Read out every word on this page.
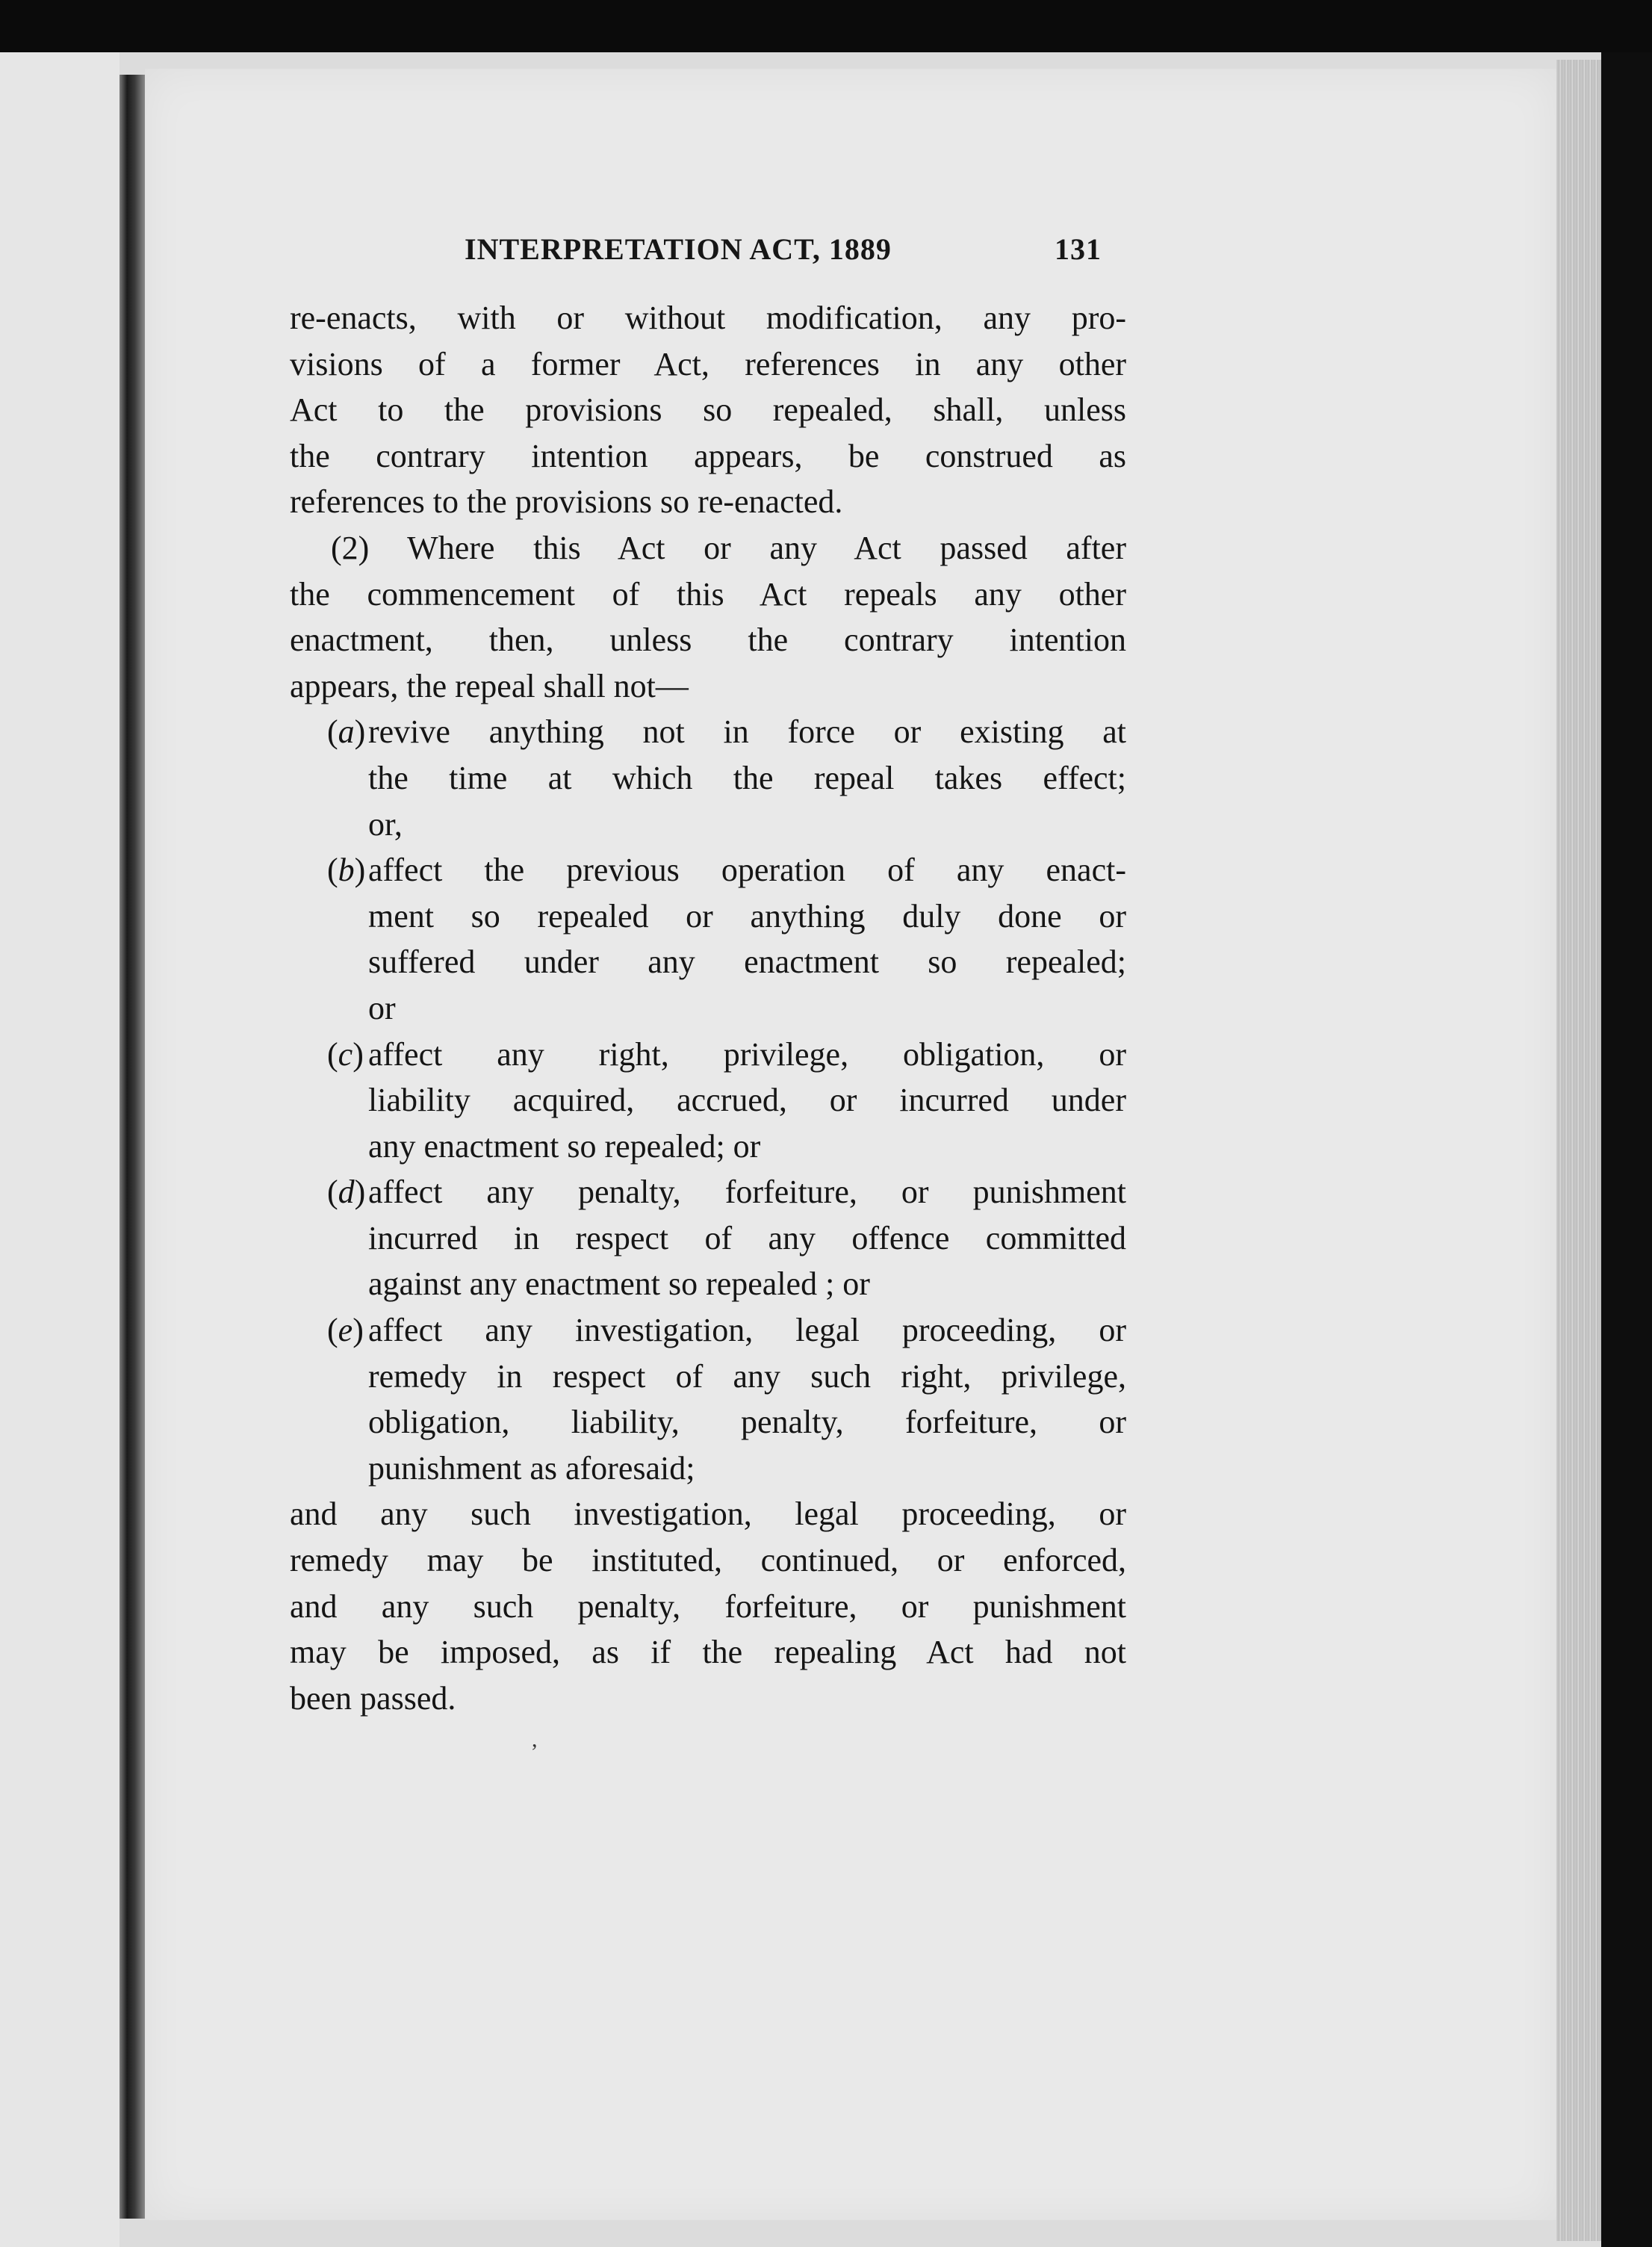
INTERPRETATION ACT, 1889	131

re-enacts, with or without modification, any pro-

visions of a former Act, references in any other

Act to the provisions so repealed, shall, unless

the contrary intention appears, be construed as

references to the provisions so re-enacted.

(2) Where this Act or any Act passed after

the commencement of this Act repeals any other

enactment, then, unless the contrary intention

appears, the repeal shall not—

(a) revive anything not in force or existing at

the time at which the repeal takes effect;

or,

(b) affect the previous operation of any enact-

ment so repealed or anything duly done or

suffered under any enactment so repealed;

or

(c) affect any right, privilege, obligation, or

liability acquired, accrued, or incurred under

any enactment so repealed; or

(d) affect any penalty, forfeiture, or punishment

incurred in respect of any offence committed

against any enactment so repealed ; or

(e) affect any investigation, legal proceeding, or

remedy in respect of any such right, privilege,

obligation, liability, penalty, forfeiture, or

punishment as aforesaid;

and any such investigation, legal proceeding, or

remedy may be instituted, continued, or enforced,

and any such penalty, forfeiture, or punishment

may be imposed, as if the repealing Act had not

been passed.

,
